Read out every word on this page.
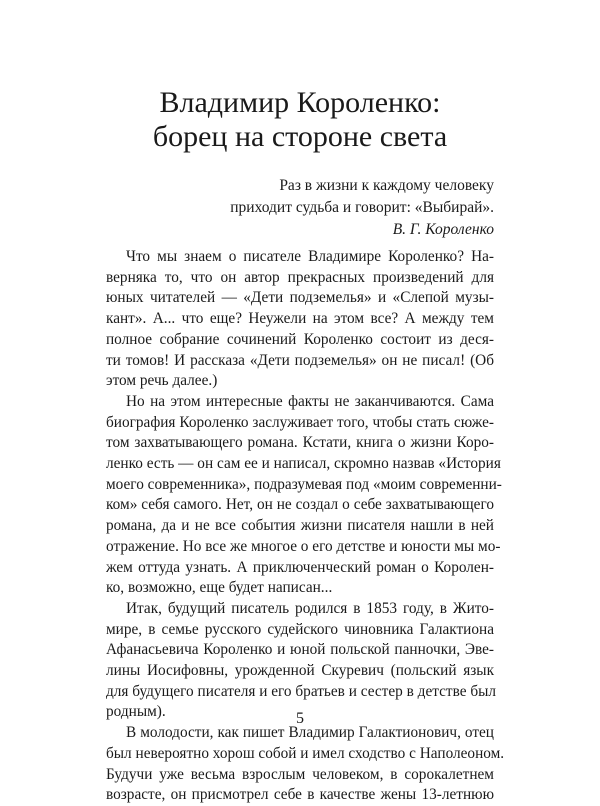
Владимир Короленко:
борец на стороне света
Раз в жизни к каждому человеку
приходит судьба и говорит: «Выбирай».
В. Г. Короленко
Что мы знаем о писателе Владимире Короленко? На-
верняка то, что он автор прекрасных произведений для
юных читателей — «Дети подземелья» и «Слепой музы-
кант». А... что еще? Неужели на этом все? А между тем
полное собрание сочинений Короленко состоит из деся-
ти томов! И рассказа «Дети подземелья» он не писал! (Об
этом речь далее.)
Но на этом интересные факты не заканчиваются. Сама
биография Короленко заслуживает того, чтобы стать сюже-
том захватывающего романа. Кстати, книга о жизни Коро-
ленко есть — он сам ее и написал, скромно назвав «История
моего современника», подразумевая под «моим современни-
ком» себя самого. Нет, он не создал о себе захватывающего
романа, да и не все события жизни писателя нашли в ней
отражение. Но все же многое о его детстве и юности мы мо-
жем оттуда узнать. А приключенческий роман о Королен-
ко, возможно, еще будет написан...
Итак, будущий писатель родился в 1853 году, в Жито-
мире, в семье русского судейского чиновника Галактиона
Афанасьевича Короленко и юной польской панночки, Эве-
лины Иосифовны, урожденной Скуревич (польский язык
для будущего писателя и его братьев и сестер в детстве был
родным).
В молодости, как пишет Владимир Галактионович, отец
был невероятно хорош собой и имел сходство с Наполеоном.
Будучи уже весьма взрослым человеком, в сорокалетнем
возрасте, он присмотрел себе в качестве жены 13-летнюю
5
